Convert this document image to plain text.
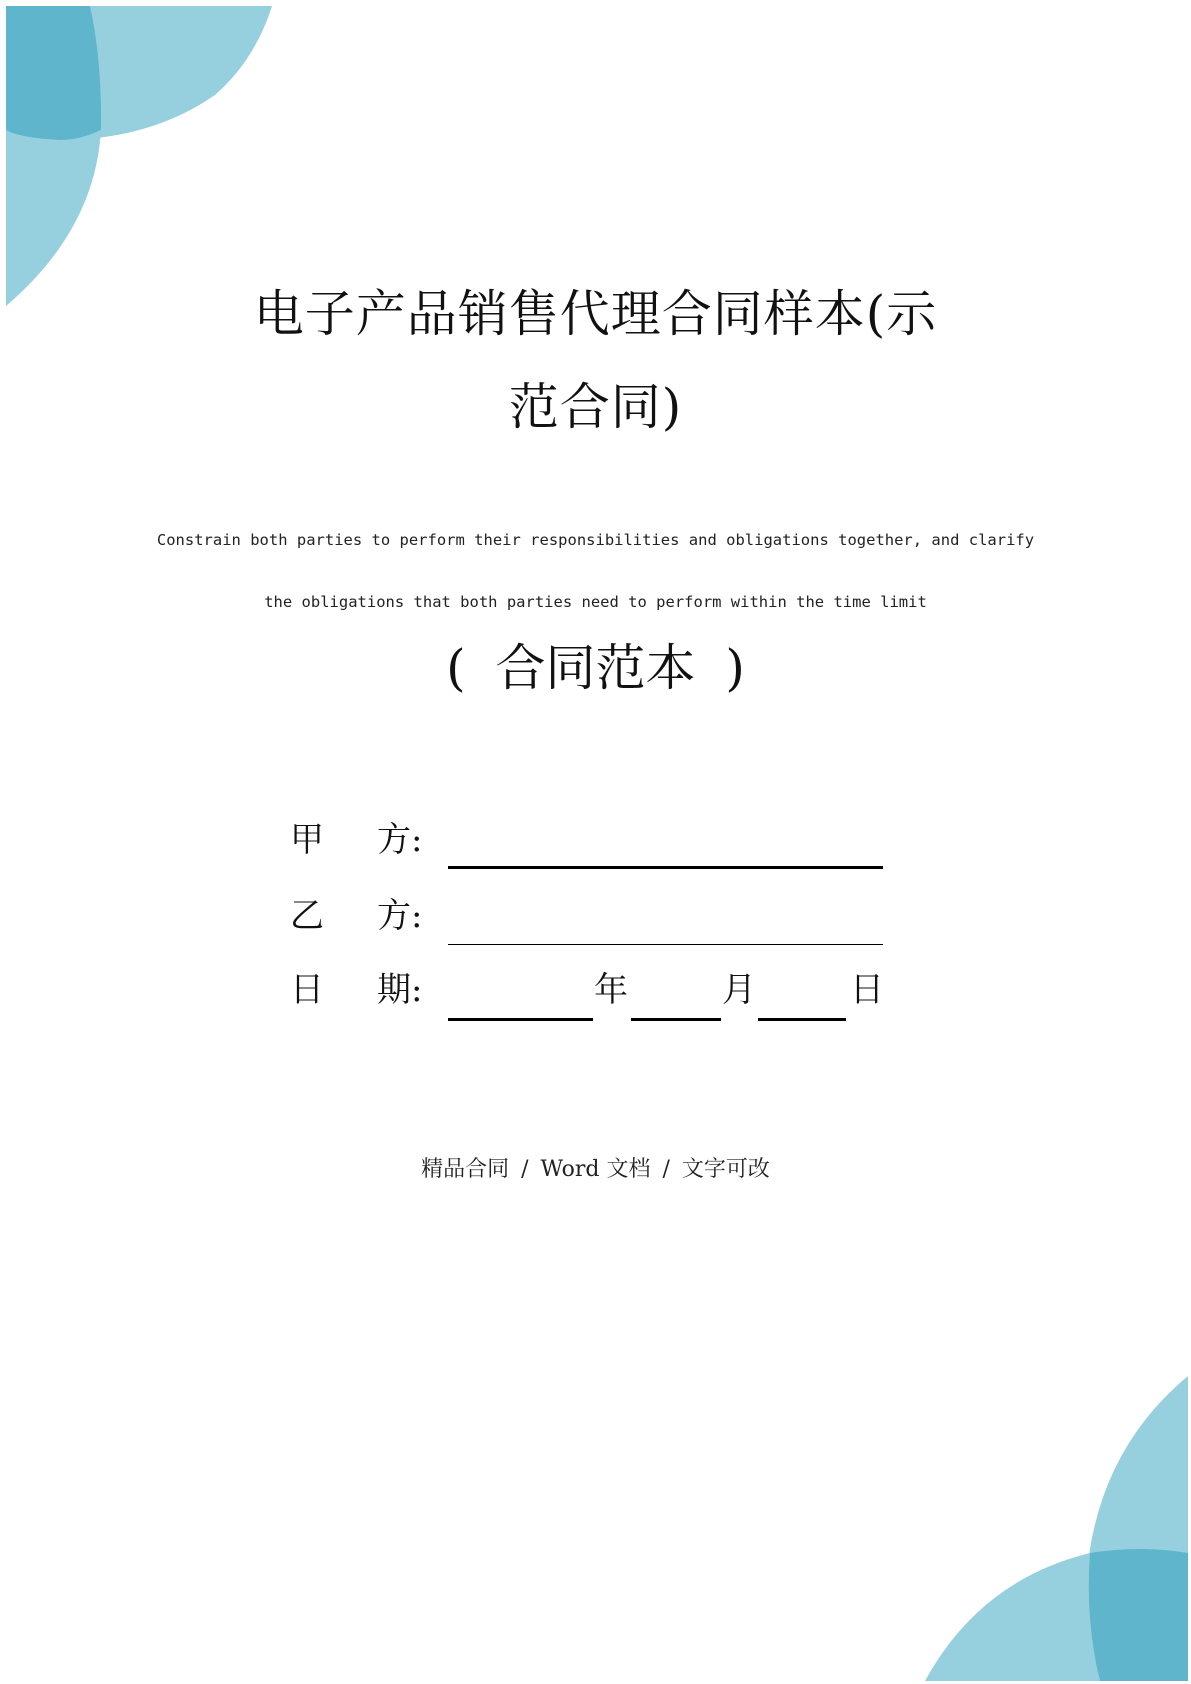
电子产品销售代理合同样本(示
范合同)
Constrain both parties to perform their responsibilities and obligations together, and clarify
the obligations that both parties need to perform within the time limit
( 合同范本 )
甲 方:
乙 方:
日 期:	年	月	日
精品合同 / Word 文档 / 文字可改
